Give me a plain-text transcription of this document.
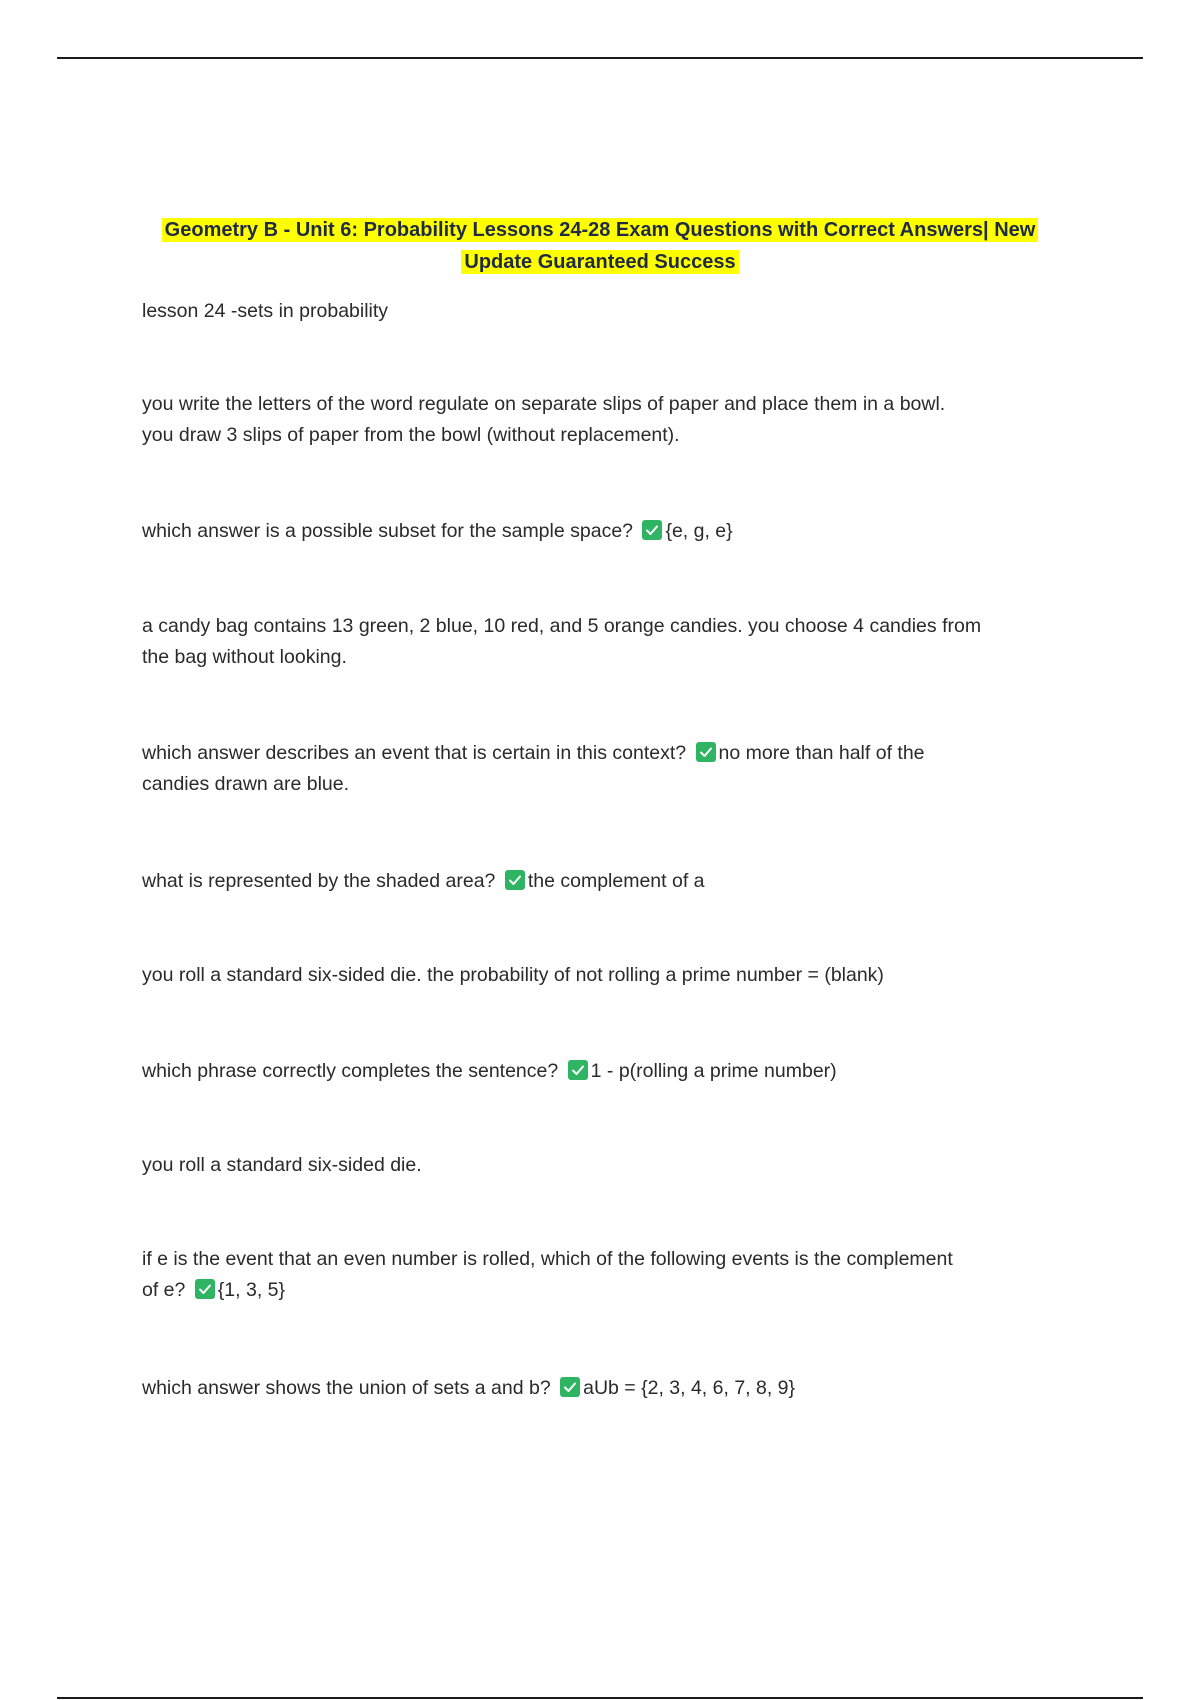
Geometry B - Unit 6: Probability Lessons 24-28 Exam Questions with Correct Answers| New
Update Guaranteed Success
lesson 24 -sets in probability
you write the letters of the word regulate on separate slips of paper and place them in a bowl.
you draw 3 slips of paper from the bowl (without replacement).
which answer is a possible subset for the sample space? {e, g, e}
a candy bag contains 13 green, 2 blue, 10 red, and 5 orange candies. you choose 4 candies from
the bag without looking.
which answer describes an event that is certain in this context? no more than half of the
candies drawn are blue.
what is represented by the shaded area? the complement of a
you roll a standard six-sided die. the probability of not rolling a prime number = (blank)
which phrase correctly completes the sentence? 1 - p(rolling a prime number)
you roll a standard six-sided die.
if e is the event that an even number is rolled, which of the following events is the complement
of e? {1, 3, 5}
which answer shows the union of sets a and b? aUb = {2, 3, 4, 6, 7, 8, 9}
